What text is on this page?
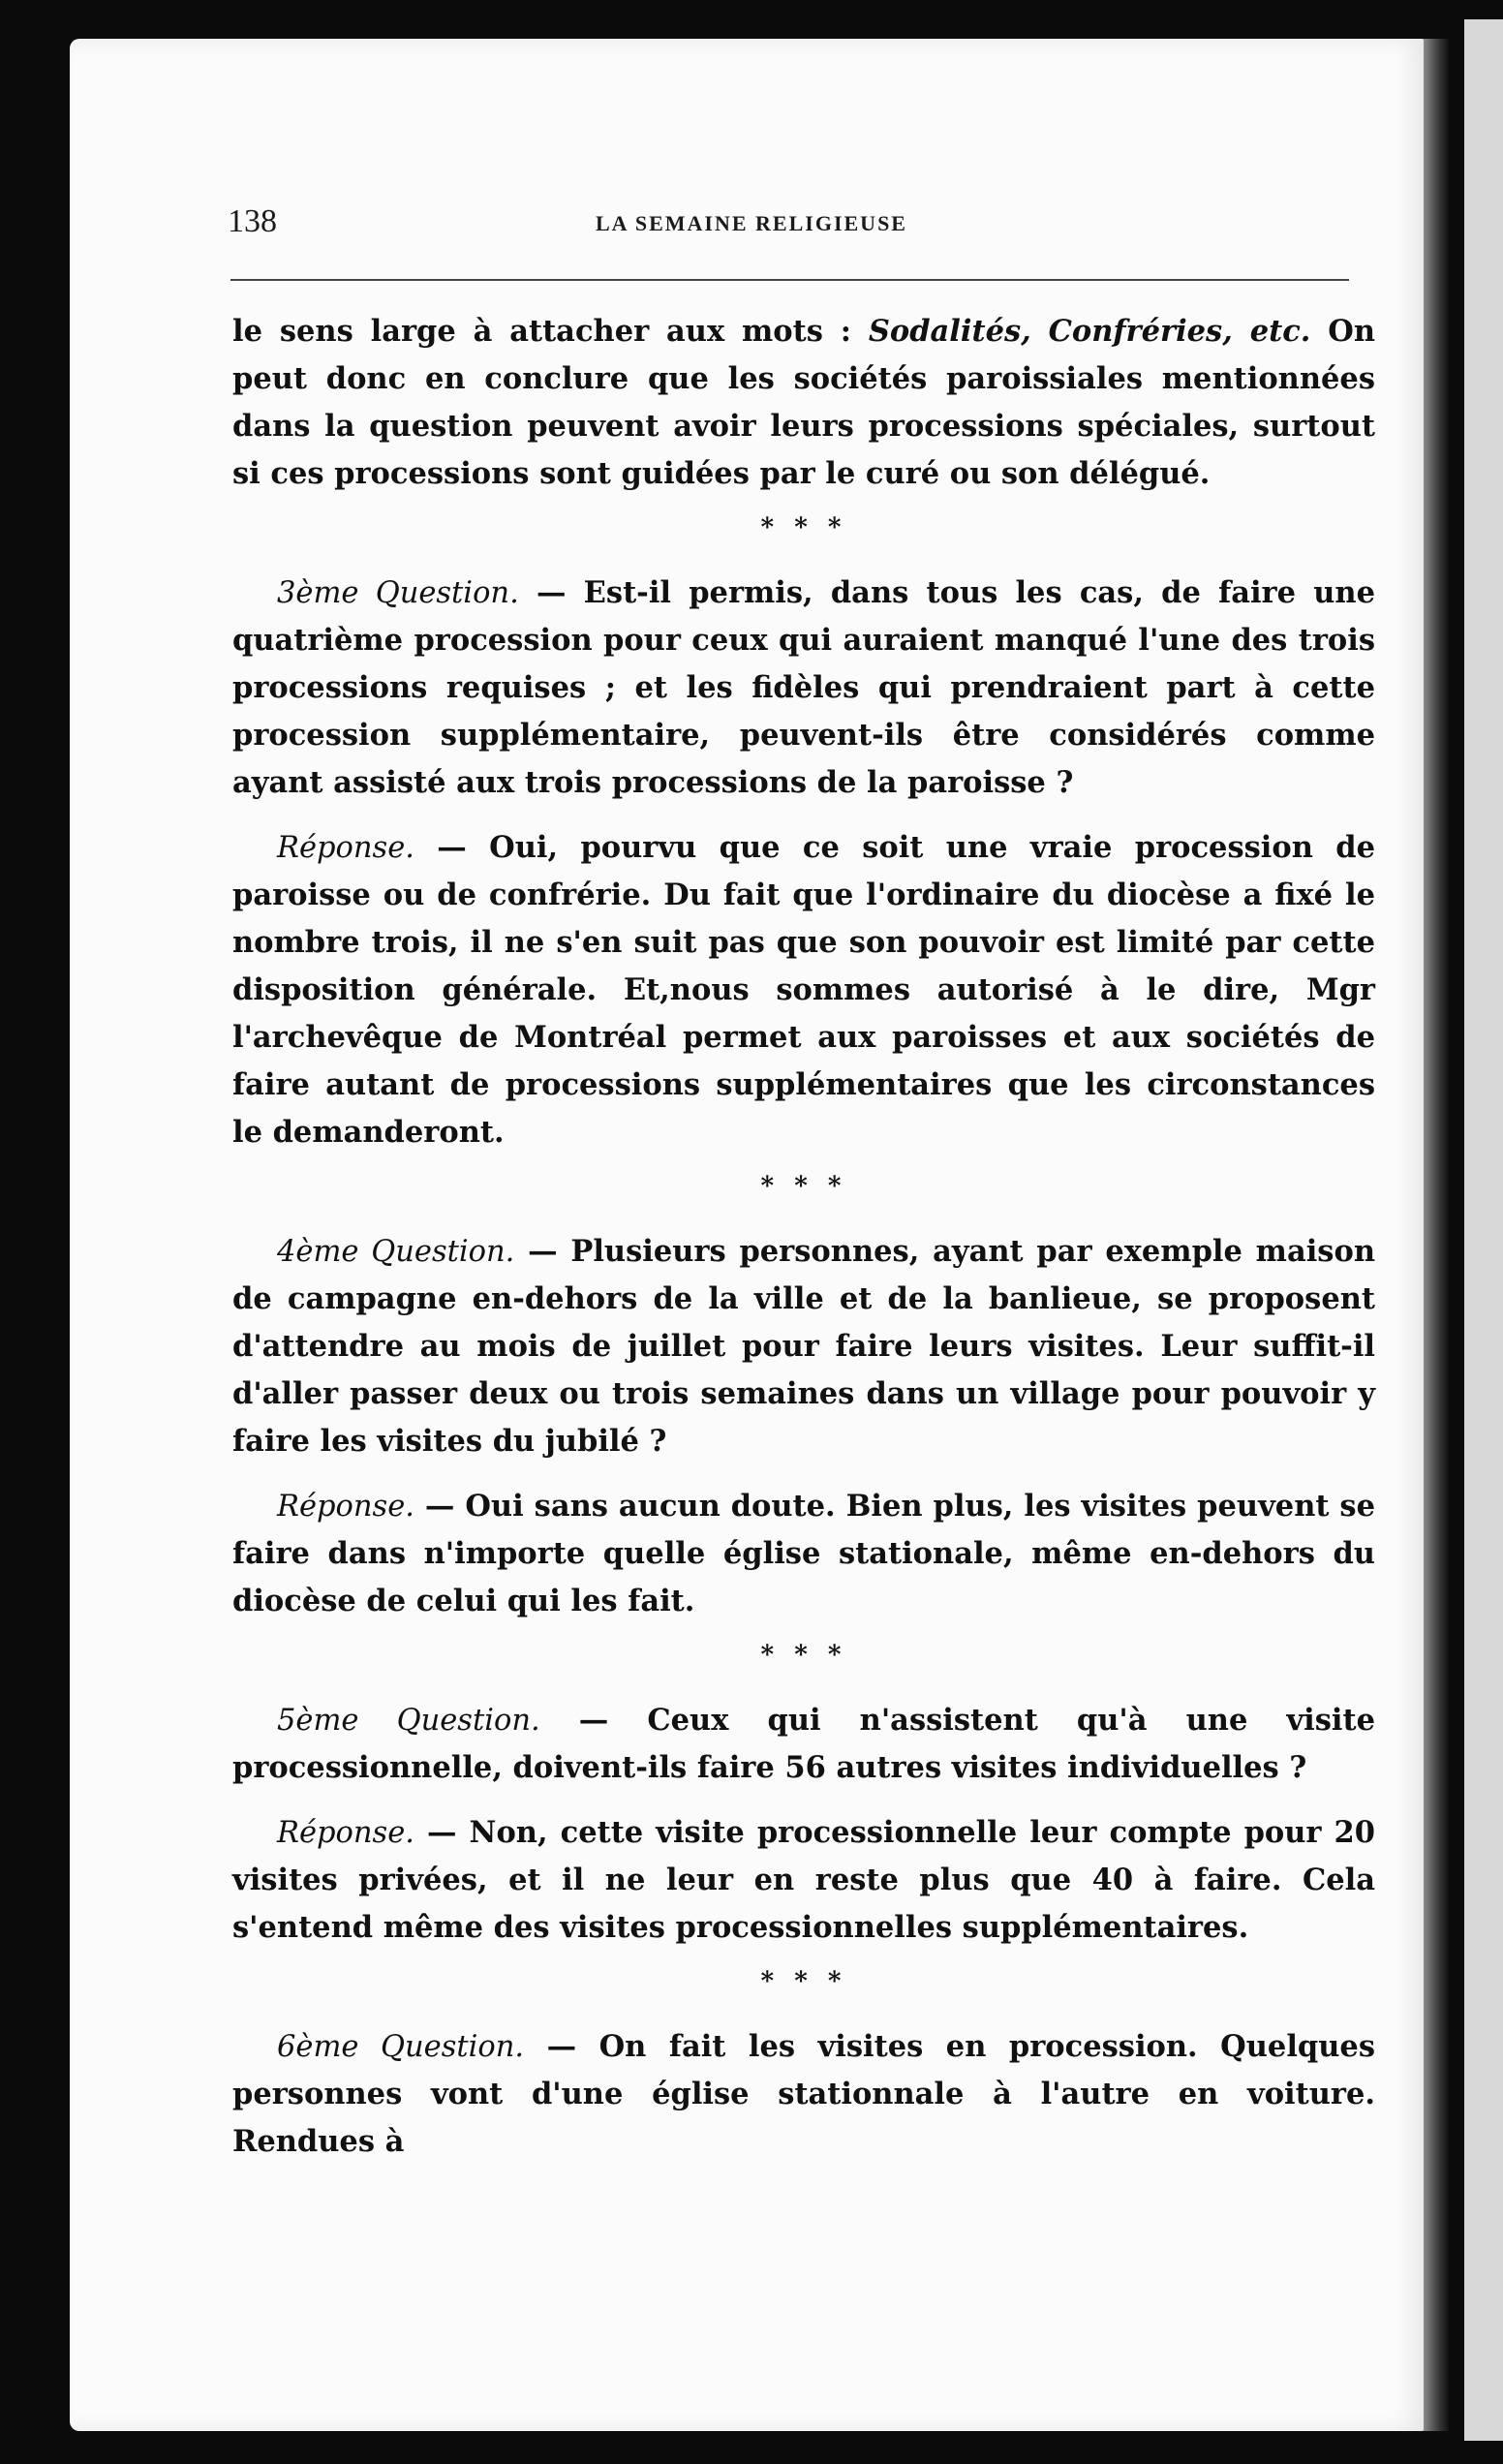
138	LA SEMAINE RELIGIEUSE

le sens large à attacher aux mots : Sodalités, Confréries, etc. On peut donc en conclure que les sociétés paroissiales mentionnées dans la question peuvent avoir leurs processions spéciales, surtout si ces processions sont guidées par le curé ou son délégué.

* * *

3ème Question. — Est-il permis, dans tous les cas, de faire une quatrième procession pour ceux qui auraient manqué l'une des trois processions requises ; et les fidèles qui prendraient part à cette procession supplémentaire, peuvent-ils être considérés comme ayant assisté aux trois processions de la paroisse ?

Réponse. — Oui, pourvu que ce soit une vraie procession de paroisse ou de confrérie. Du fait que l'ordinaire du diocèse a fixé le nombre trois, il ne s'en suit pas que son pouvoir est limité par cette disposition générale. Et,nous sommes autorisé à le dire, Mgr l'archevêque de Montréal permet aux paroisses et aux sociétés de faire autant de processions supplémentaires que les circonstances le demanderont.

* * *

4ème Question. — Plusieurs personnes, ayant par exemple maison de campagne en-dehors de la ville et de la banlieue, se proposent d'attendre au mois de juillet pour faire leurs visites. Leur suffit-il d'aller passer deux ou trois semaines dans un village pour pouvoir y faire les visites du jubilé ?

Réponse. — Oui sans aucun doute. Bien plus, les visites peuvent se faire dans n'importe quelle église stationale, même en-dehors du diocèse de celui qui les fait.

* * *

5ème Question. — Ceux qui n'assistent qu'à une visite processionnelle, doivent-ils faire 56 autres visites individuelles ?

Réponse. — Non, cette visite processionnelle leur compte pour 20 visites privées, et il ne leur en reste plus que 40 à faire. Cela s'entend même des visites processionnelles supplémentaires.

* * *

6ème Question. — On fait les visites en procession. Quelques personnes vont d'une église stationnale à l'autre en voiture. Rendues à
